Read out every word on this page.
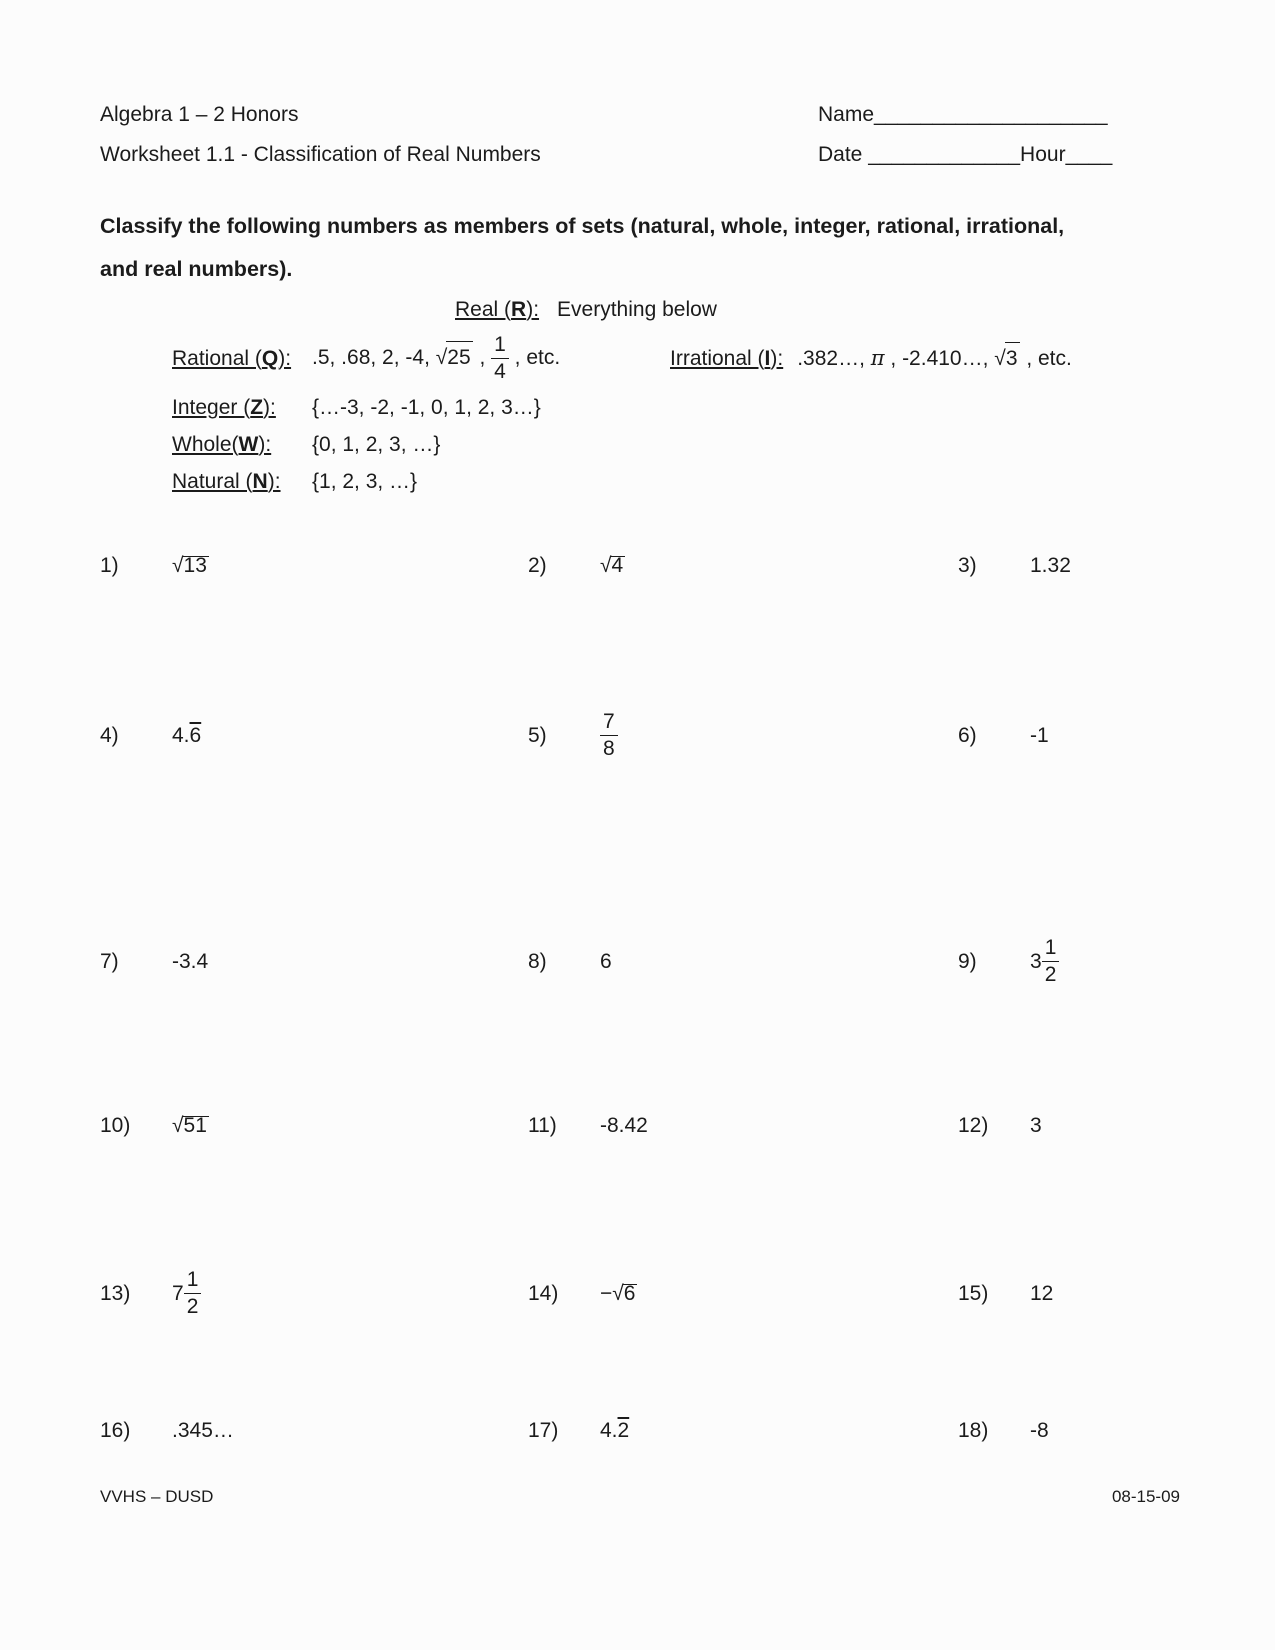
Algebra 1 – 2 Honors
Worksheet 1.1 - Classification of Real Numbers
Name____________________
Date _____________Hour____
Classify the following numbers as members of sets (natural, whole, integer, rational, irrational,
and real numbers).
Real (R): Everything below
Rational (Q): .5, .68, 2, -4, √25 , $\frac{1}{4}$ , etc.	Irrational (I): .382…, π , -2.410…, √3 , etc.
Integer (Z): {…-3, -2, -1, 0, 1, 2, 3…}
Whole(W): {0, 1, 2, 3, …}
Natural (N): {1, 2, 3, …}
1)	√13	2)	√4	3)	1.32
4)	4. 6	5)	$\frac{7}{8}$	6)	-1
7)	-3.4	8)	6	9)	$3 \frac{1}{2}$
10)	√51	11)	-8.42	12)	3
13)	$7 \frac{1}{2}$	14)	− √6	15)	12
16)	.345…	17)	4. 2	18)	-8
VVHS – DUSD	08-15-09
